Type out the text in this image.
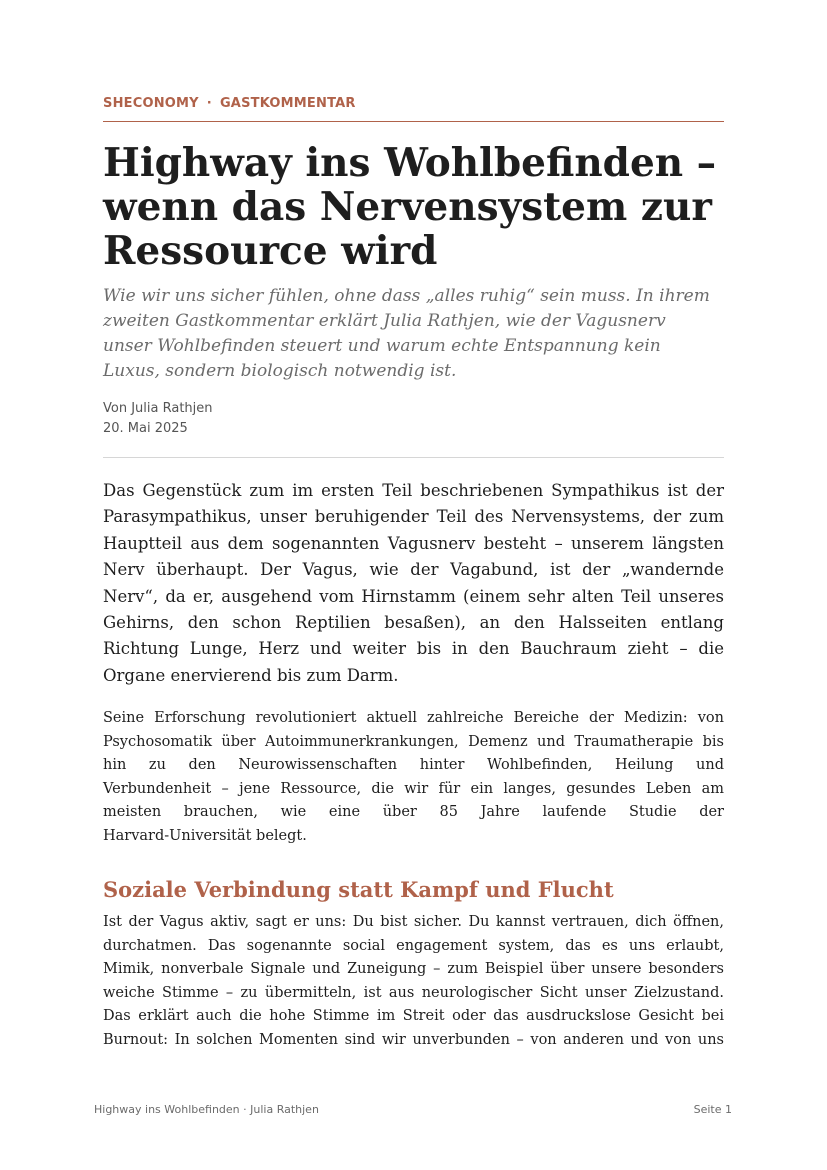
SHECONOMY · GASTKOMMENTAR
Highway ins Wohlbefinden –
wenn das Nervensystem zur
Ressource wird

Wie wir uns sicher fühlen, ohne dass „alles ruhig“ sein muss. In ihrem
zweiten Gastkommentar erklärt Julia Rathjen, wie der Vagusnerv
unser Wohlbefinden steuert und warum echte Entspannung kein
Luxus, sondern biologisch notwendig ist.

Von Julia Rathjen
20. Mai 2025

Das Gegenstück zum im ersten Teil beschriebenen Sympathikus ist der
Parasympathikus, unser beruhigender Teil des Nervensystems, der zum
Hauptteil aus dem sogenannten Vagusnerv besteht – unserem längsten
Nerv überhaupt. Der Vagus, wie der Vagabund, ist der „wandernde
Nerv“, da er, ausgehend vom Hirnstamm (einem sehr alten Teil unseres
Gehirns, den schon Reptilien besaßen), an den Halsseiten entlang
Richtung Lunge, Herz und weiter bis in den Bauchraum zieht – die
Organe enervierend bis zum Darm.

Seine Erforschung revolutioniert aktuell zahlreiche Bereiche der Medizin: von
Psychosomatik über Autoimmunerkrankungen, Demenz und Traumatherapie bis
hin zu den Neurowissenschaften hinter Wohlbefinden, Heilung und
Verbundenheit – jene Ressource, die wir für ein langes, gesundes Leben am
meisten brauchen, wie eine über 85 Jahre laufende Studie der
Harvard-Universität belegt.

Soziale Verbindung statt Kampf und Flucht

Ist der Vagus aktiv, sagt er uns: Du bist sicher. Du kannst vertrauen, dich öffnen,
durchatmen. Das sogenannte social engagement system, das es uns erlaubt,
Mimik, nonverbale Signale und Zuneigung – zum Beispiel über unsere besonders
weiche Stimme – zu übermitteln, ist aus neurologischer Sicht unser Zielzustand.
Das erklärt auch die hohe Stimme im Streit oder das ausdruckslose Gesicht bei
Burnout: In solchen Momenten sind wir unverbunden – von anderen und von uns

Highway ins Wohlbefinden · Julia Rathjen	Seite 1
